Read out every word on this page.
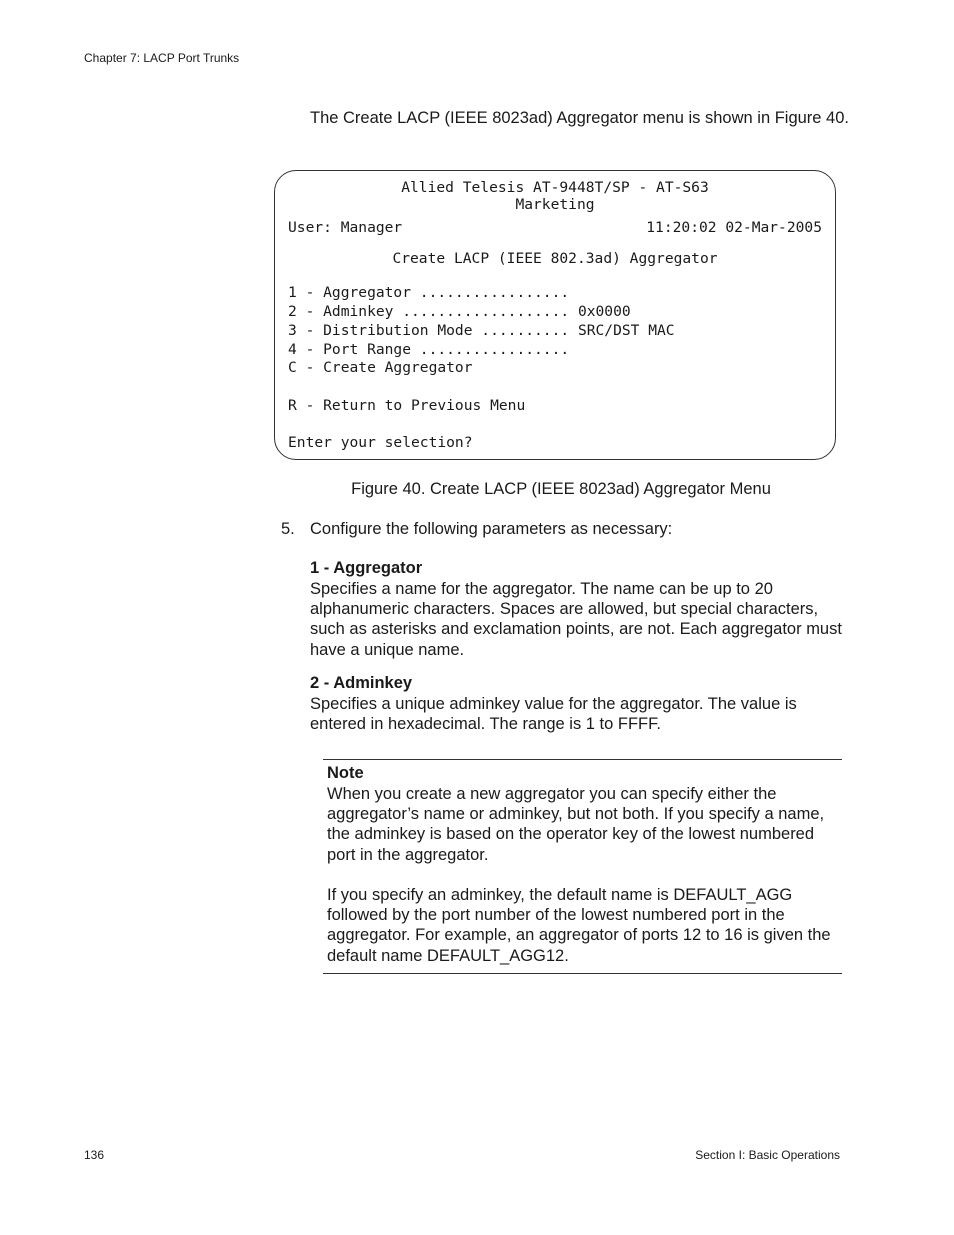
Chapter 7: LACP Port Trunks
The Create LACP (IEEE 8023ad) Aggregator menu is shown in Figure 40.
Allied Telesis AT-9448T/SP - AT-S63
Marketing
User: Manager	11:20:02 02-Mar-2005
Create LACP (IEEE 802.3ad) Aggregator
1 - Aggregator .................
2 - Adminkey ................... 0x0000
3 - Distribution Mode .......... SRC/DST MAC
4 - Port Range .................
C - Create Aggregator
R - Return to Previous Menu
Enter your selection?
Figure 40. Create LACP (IEEE 8023ad) Aggregator Menu
5. Configure the following parameters as necessary:
1 - Aggregator
Specifies a name for the aggregator. The name can be up to 20 alphanumeric characters. Spaces are allowed, but special characters, such as asterisks and exclamation points, are not. Each aggregator must have a unique name.
2 - Adminkey
Specifies a unique adminkey value for the aggregator. The value is entered in hexadecimal. The range is 1 to FFFF.
Note
When you create a new aggregator you can specify either the aggregator’s name or adminkey, but not both. If you specify a name, the adminkey is based on the operator key of the lowest numbered port in the aggregator.
If you specify an adminkey, the default name is DEFAULT_AGG followed by the port number of the lowest numbered port in the aggregator. For example, an aggregator of ports 12 to 16 is given the default name DEFAULT_AGG12.
136	Section I: Basic Operations
